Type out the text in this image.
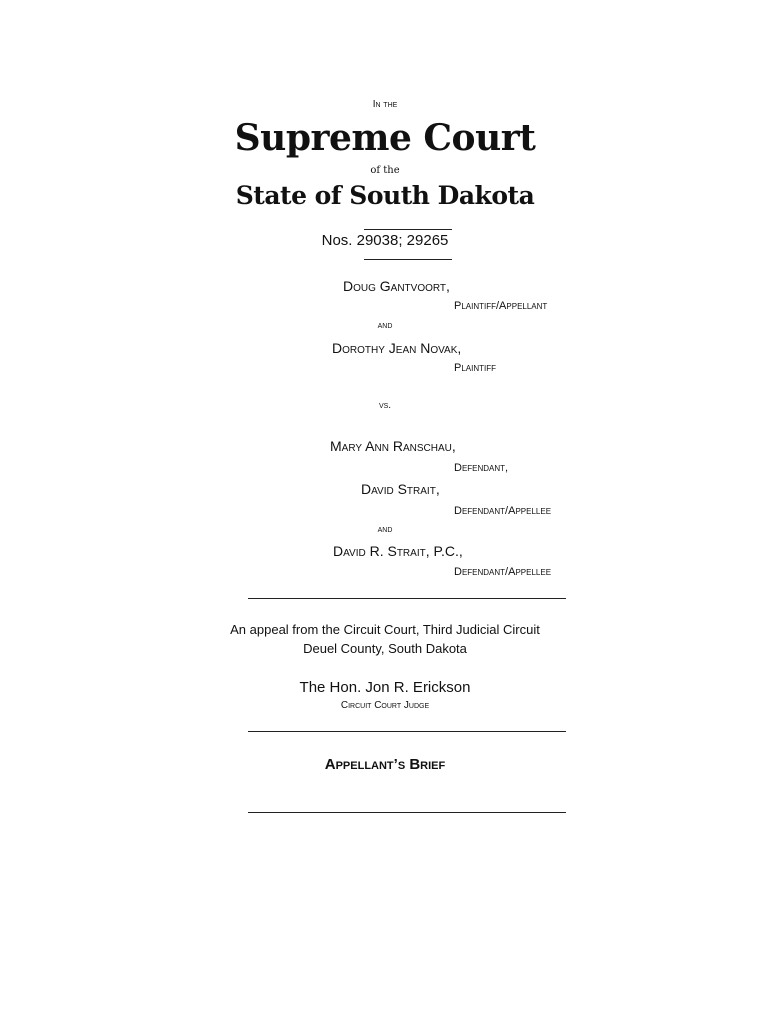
In the
Supreme Court
of the
State of South Dakota
Nos. 29038; 29265
Doug Gantvoort,
Plaintiff/Appellant
and
Dorothy Jean Novak,
Plaintiff
vs.
Mary Ann Ranschau,
Defendant,
David Strait,
Defendant/Appellee
and
David R. Strait, P.C.,
Defendant/Appellee
An appeal from the Circuit Court, Third Judicial Circuit
Deuel County, South Dakota
The Hon. Jon R. Erickson
Circuit Court Judge
Appellant’s Brief
